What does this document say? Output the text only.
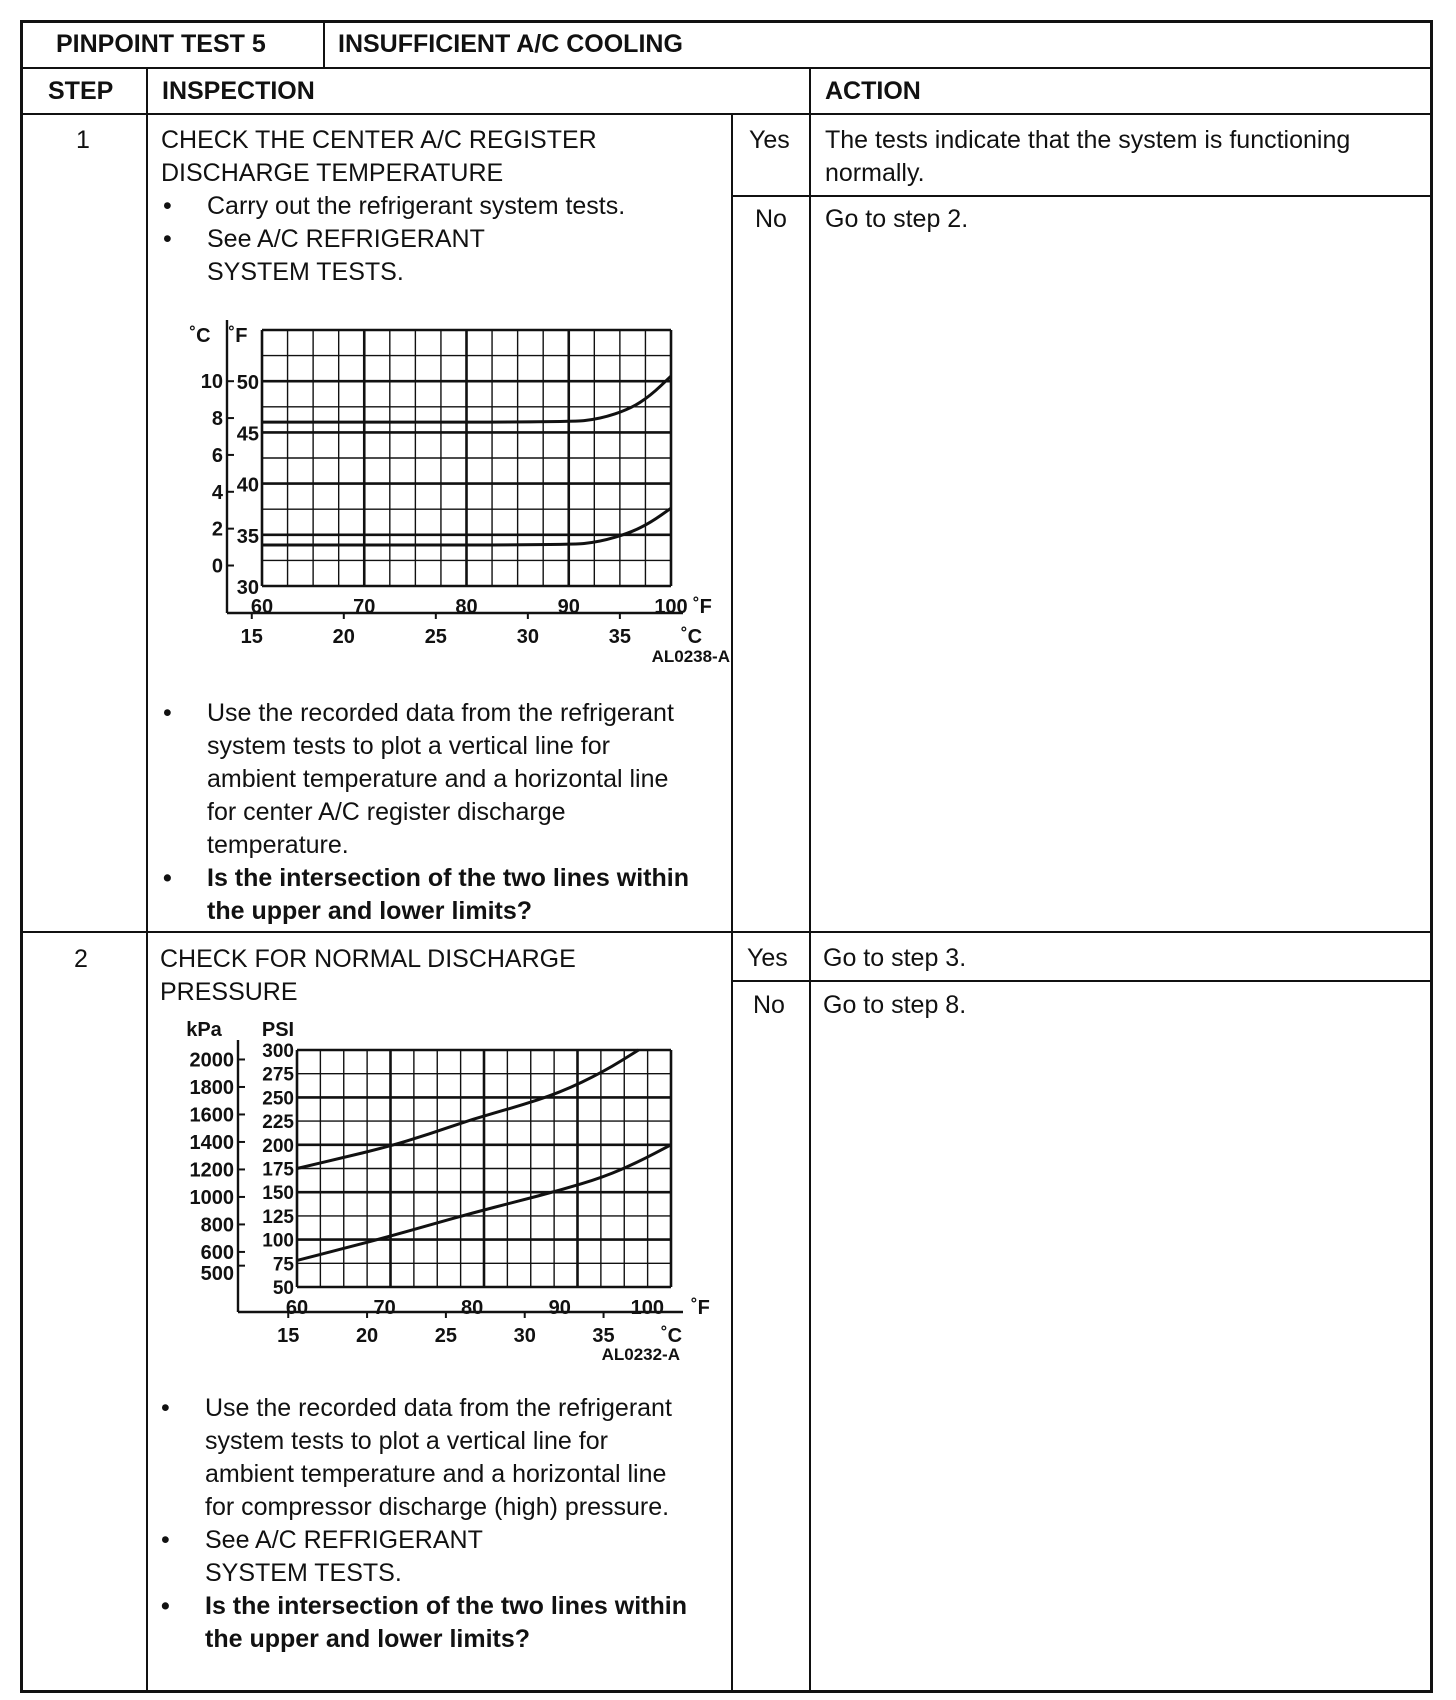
PINPOINT TEST 5	INSUFFICIENT A/C COOLING
STEP INSPECTION	ACTION
1	CHECK THE CENTER A/C REGISTER
DISCHARGE TEMPERATURE
• Carry out the refrigerant system tests.
• See A/C REFRIGERANT SYSTEM TESTS.
60	70	80	90	100 ˚F
15	20	25	30	35	˚C
30
35
40
45
50
˚F
10
8
6
4
2
0
˚C
AL0238-A
• Use the recorded data from the refrigerant system tests to plot a vertical line for ambient temperature and a horizontal line for center A/C register discharge temperature.
• Is the intersection of the two lines within the upper and lower limits?
Yes The tests indicate that the system is functioning normally.
No Go to step 2.
2	CHECK FOR NORMAL DISCHARGE
PRESSURE
60	70	80	90	100 ˚F
15	20	25	30	35 ˚C
50
75
100
125
150
175
200
225
250
275
300
PSI
2000
1800
1600
1400
1200
1000
800
600
500
kPa
AL0232-A
• Use the recorded data from the refrigerant system tests to plot a vertical line for ambient temperature and a horizontal line for compressor discharge (high) pressure.
• See A/C REFRIGERANT SYSTEM TESTS.
• Is the intersection of the two lines within the upper and lower limits?
Yes Go to step 3.
No Go to step 8.
